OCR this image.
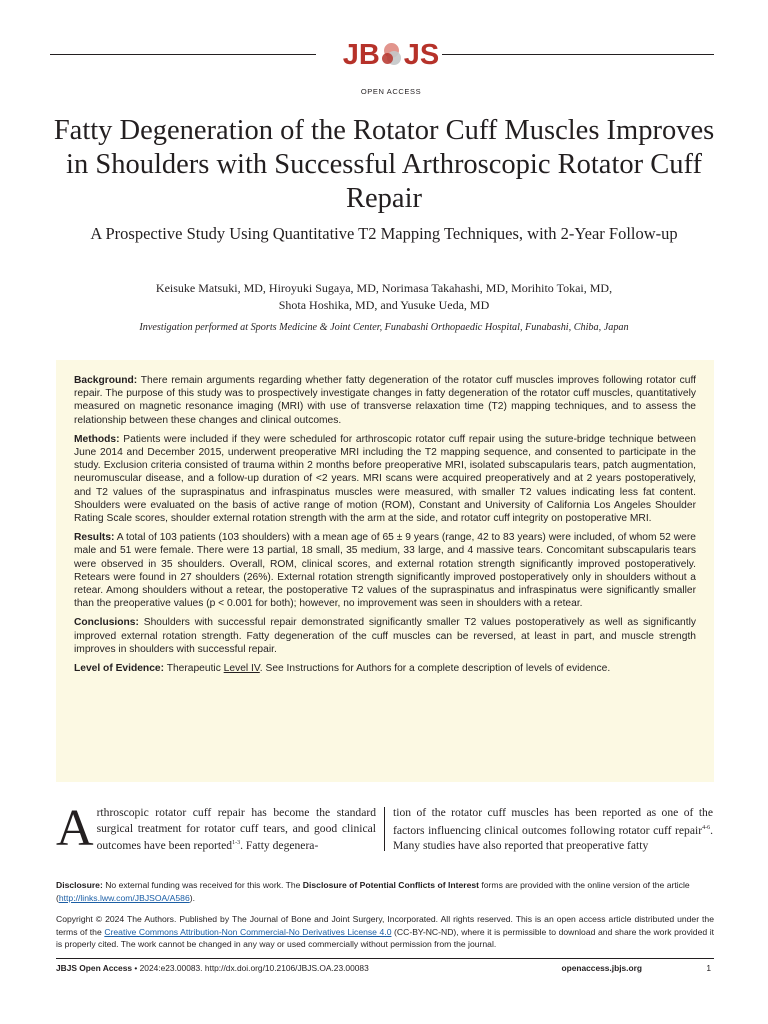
JB JS
OPEN ACCESS
Fatty Degeneration of the Rotator Cuff Muscles Improves in Shoulders with Successful Arthroscopic Rotator Cuff Repair
A Prospective Study Using Quantitative T2 Mapping Techniques, with 2-Year Follow-up
Keisuke Matsuki, MD, Hiroyuki Sugaya, MD, Norimasa Takahashi, MD, Morihito Tokai, MD,
Shota Hoshika, MD, and Yusuke Ueda, MD
Investigation performed at Sports Medicine & Joint Center, Funabashi Orthopaedic Hospital, Funabashi, Chiba, Japan

Background: There remain arguments regarding whether fatty degeneration of the rotator cuff muscles improves following rotator cuff repair. The purpose of this study was to prospectively investigate changes in fatty degeneration of the rotator cuff muscles, quantitatively measured on magnetic resonance imaging (MRI) with use of transverse relaxation time (T2) mapping techniques, and to assess the relationship between these changes and clinical outcomes.

Methods: Patients were included if they were scheduled for arthroscopic rotator cuff repair using the suture-bridge technique between June 2014 and December 2015, underwent preoperative MRI including the T2 mapping sequence, and consented to participate in the study. Exclusion criteria consisted of trauma within 2 months before preoperative MRI, isolated subscapularis tears, patch augmentation, neuromuscular disease, and a follow-up duration of <2 years. MRI scans were acquired preoperatively and at 2 years postoperatively, and T2 values of the supraspinatus and infraspinatus muscles were measured, with smaller T2 values indicating less fat content. Shoulders were evaluated on the basis of active range of motion (ROM), Constant and University of California Los Angeles Shoulder Rating Scale scores, shoulder external rotation strength with the arm at the side, and rotator cuff integrity on postoperative MRI.

Results: A total of 103 patients (103 shoulders) with a mean age of 65 ± 9 years (range, 42 to 83 years) were included, of whom 52 were male and 51 were female. There were 13 partial, 18 small, 35 medium, 33 large, and 4 massive tears. Concomitant subscapularis tears were observed in 35 shoulders. Overall, ROM, clinical scores, and external rotation strength significantly improved postoperatively. Retears were found in 27 shoulders (26%). External rotation strength significantly improved postoperatively only in shoulders without a retear. Among shoulders without a retear, the postoperative T2 values of the supraspinatus and infraspinatus were significantly smaller than the preoperative values (p < 0.001 for both); however, no improvement was seen in shoulders with a retear.

Conclusions: Shoulders with successful repair demonstrated significantly smaller T2 values postoperatively as well as significantly improved external rotation strength. Fatty degeneration of the cuff muscles can be reversed, at least in part, and muscle strength improves in shoulders with successful repair.

Level of Evidence: Therapeutic Level IV. See Instructions for Authors for a complete description of levels of evidence.

Arthroscopic rotator cuff repair has become the standard surgical treatment for rotator cuff tears, and good clinical outcomes have been reported$^{1-3}$. Fatty degenera-
tion of the rotator cuff muscles has been reported as one of the factors influencing clinical outcomes following rotator cuff repair$^{4-6}$. Many studies have also reported that preoperative fatty
Disclosure: No external funding was received for this work. The Disclosure of Potential Conflicts of Interest forms are provided with the online version of the article (http://links.lww.com/JBJSOA/A586).
Copyright © 2024 The Authors. Published by The Journal of Bone and Joint Surgery, Incorporated. All rights reserved. This is an open access article distributed under the terms of the Creative Commons Attribution-Non Commercial-No Derivatives License 4.0 (CC-BY-NC-ND), where it is permissible to download and share the work provided it is properly cited. The work cannot be changed in any way or used commercially without permission from the journal.
JBJS Open Access • 2024:e23.00083. http://dx.doi.org/10.2106/JBJS.OA.23.00083	openaccess.jbjs.org	1
